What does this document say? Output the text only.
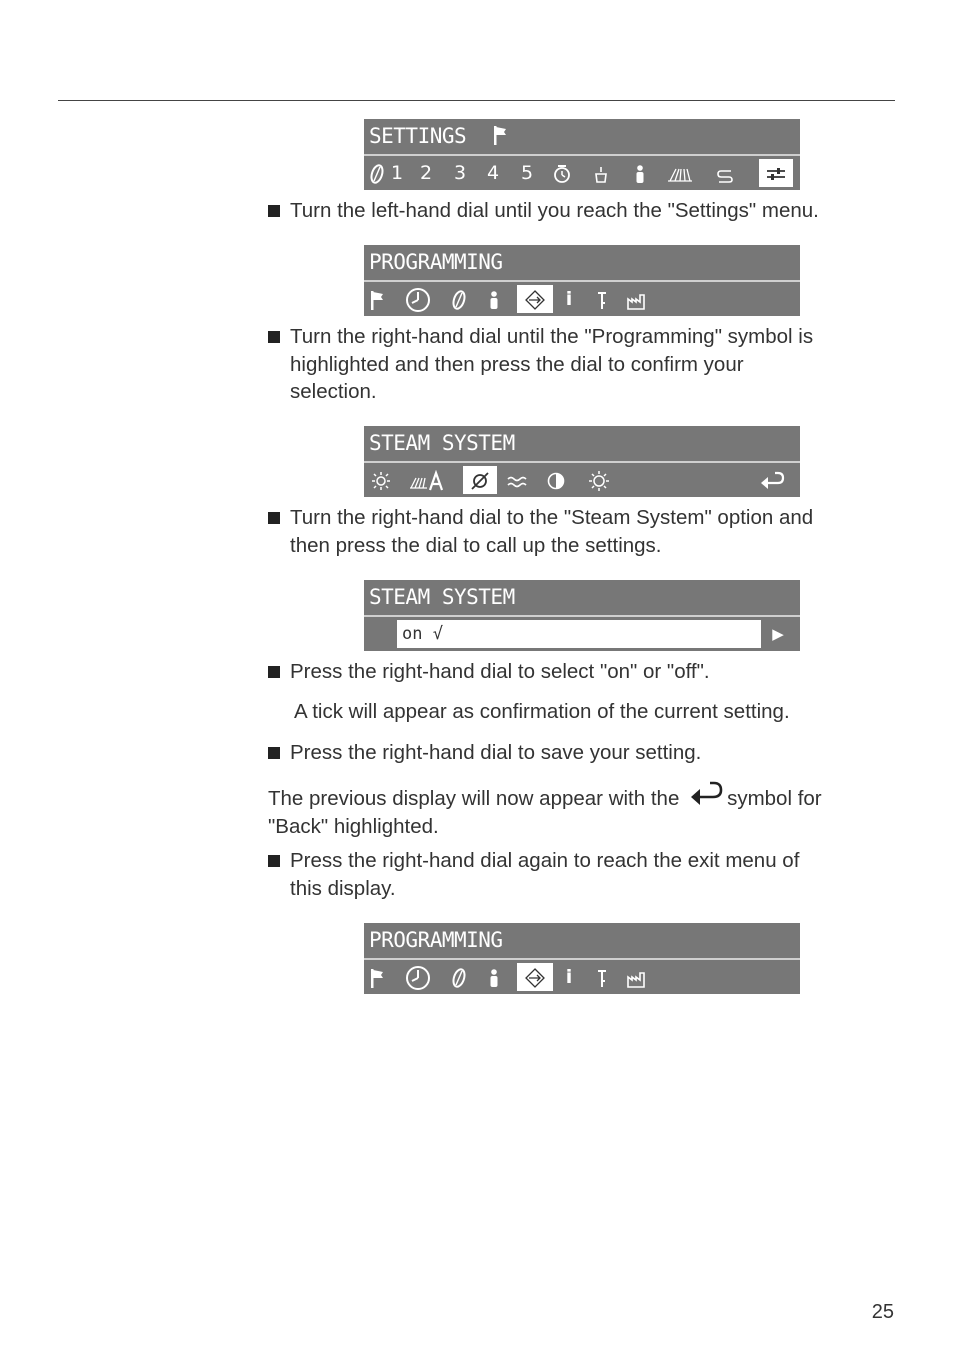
SETTINGS
1 2 3 4 5
Turn the left-hand dial until you reach the "Settings" menu.
PROGRAMMING
i
Turn the right-hand dial until the "Programming" symbol is
highlighted and then press the dial to confirm your
selection.
STEAM SYSTEM
Turn the right-hand dial to the "Steam System" option and
then press the dial to call up the settings.
STEAM SYSTEM
on √	▶
Press the right-hand dial to select "on" or "off".
A tick will appear as confirmation of the current setting.
Press the right-hand dial to save your setting.
The previous display will now appear with the symbol for
"Back" highlighted.
Press the right-hand dial again to reach the exit menu of
this display.
PROGRAMMING
i
25
